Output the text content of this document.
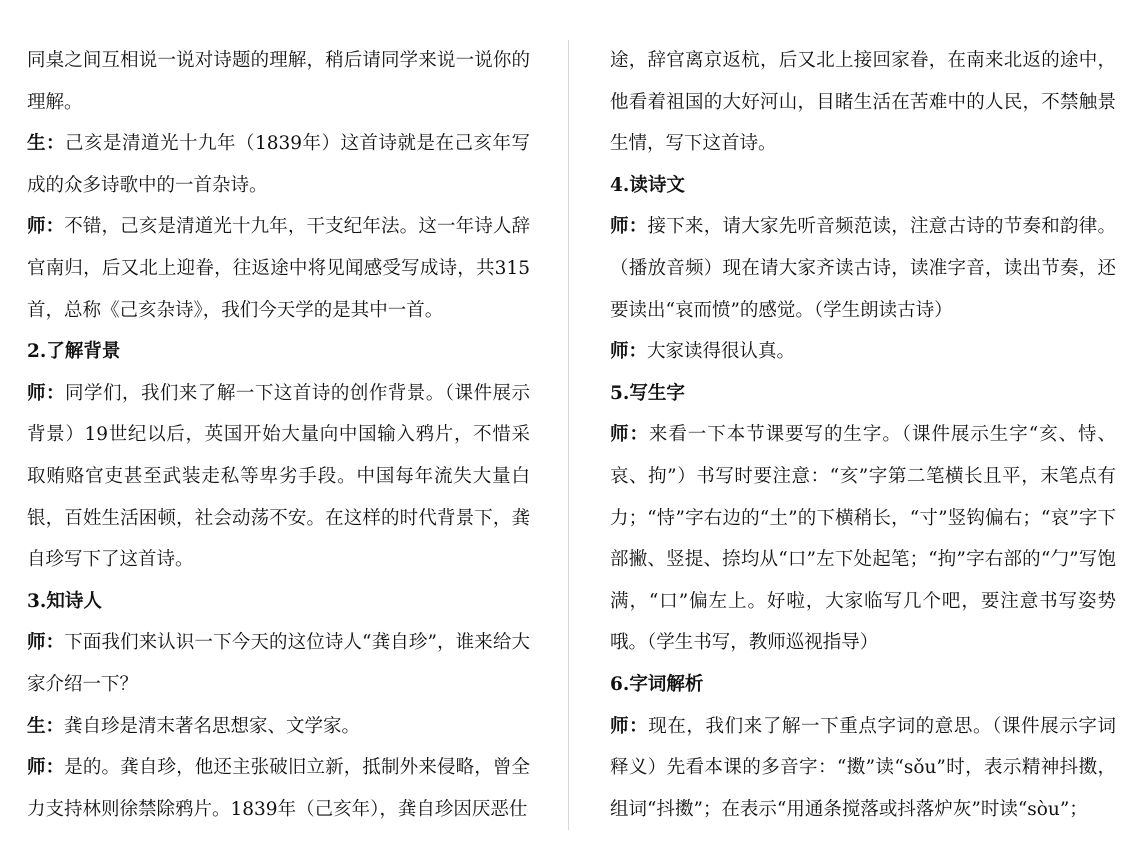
同桌之间互相说一说对诗题的理解，稍后请同学来说一说你的理解。

生：己亥是清道光十九年（1839年）这首诗就是在己亥年写成的众多诗歌中的一首杂诗。

师：不错，己亥是清道光十九年，干支纪年法。这一年诗人辞官南归，后又北上迎眷，往返途中将见闻感受写成诗，共315首，总称《己亥杂诗》，我们今天学的是其中一首。

2.了解背景

师：同学们，我们来了解一下这首诗的创作背景。（课件展示背景）19世纪以后，英国开始大量向中国输入鸦片，不惜采取贿赂官吏甚至武装走私等卑劣手段。中国每年流失大量白银，百姓生活困顿，社会动荡不安。在这样的时代背景下，龚自珍写下了这首诗。

3.知诗人

师：下面我们来认识一下今天的这位诗人“龚自珍”，谁来给大家介绍一下？

生：龚自珍是清末著名思想家、文学家。

师：是的。龚自珍，他还主张破旧立新，抵制外来侵略，曾全力支持林则徐禁除鸦片。1839年（己亥年），龚自珍因厌恶仕

途，辞官离京返杭，后又北上接回家眷，在南来北返的途中，他看着祖国的大好河山，目睹生活在苦难中的人民，不禁触景生情，写下这首诗。

4.读诗文

师：接下来，请大家先听音频范读，注意古诗的节奏和韵律。（播放音频）现在请大家齐读古诗，读准字音，读出节奏，还要读出“哀而愤”的感觉。（学生朗读古诗）

师：大家读得很认真。

5.写生字

师：来看一下本节课要写的生字。（课件展示生字“亥、恃、哀、拘”）书写时要注意：“亥”字第二笔横长且平，末笔点有力；“恃”字右边的“土”的下横稍长，“寸”竖钩偏右；“哀”字下部撇、竖提、捺均从“口”左下处起笔；“拘”字右部的“勹”写饱满，“口”偏左上。好啦，大家临写几个吧，要注意书写姿势哦。（学生书写，教师巡视指导）

6.字词解析

师：现在，我们来了解一下重点字词的意思。（课件展示字词释义）先看本课的多音字：“擞”读“sǒu”时，表示精神抖擞，组词“抖擞”；在表示“用通条搅落或抖落炉灰”时读“sòu”；
